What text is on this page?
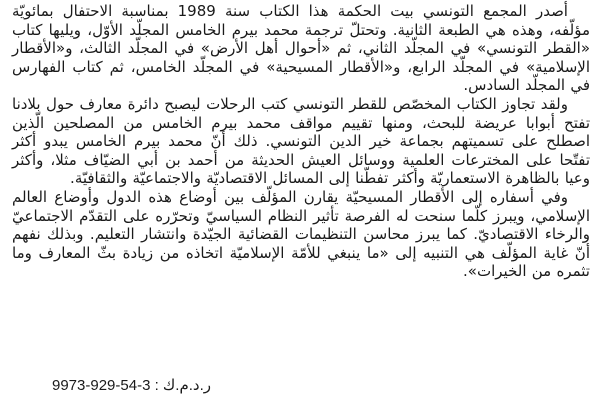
أصدر المجمع التونسي بيت الحكمة هذا الكتاب سنة 1989 بمناسبة الاحتفال بمائويّة مؤلّفه، وهذه هي الطبعة الثانية. وتحتلّ ترجمة محمد بيرم الخامس المجلّد الأوّل، ويليها كتاب «القطر التونسي» في المجلّد الثاني، ثم «أحوال أهل الأرض» في المجلّد الثالث، و«الأقطار الإسلامية» في المجلّد الرابع، و«الأقطار المسيحية» في المجلّد الخامس، ثم كتاب الفهارس في المجلّد السادس.

ولقد تجاوز الكتاب المخصّص للقطر التونسي كتب الرحلات ليصبح دائرة معارف حول بلادنا تفتح أبوابا عريضة للبحث، ومنها تقييم مواقف محمد بيرم الخامس من المصلحين الّذين اصطلح على تسميتهم بجماعة خير الدين التونسي. ذلك أنّ محمد بيرم الخامس يبدو أكثر تفتّحا على المخترعات العلمية ووسائل العيش الحديثة من أحمد بن أبي الضيّاف مثلا، وأكثر وعيا بالظاهرة الاستعماريّة وأكثر تفطّنا إلى المسائل الاقتصاديّة والاجتماعيّة والثقافيّة.

وفي أسفاره إلى الأقطار المسيحيّة يقارن المؤلّف بين أوضاع هذه الدول وأوضاع العالم الإسلامي، ويبرز كلّما سنحت له الفرصة تأثير النظام السياسيّ وتحرّره على التقدّم الاجتماعيّ والرخاء الاقتصاديّ. كما يبرز محاسن التنظيمات القضائية الجيّدة وانتشار التعليم. وبذلك نفهم أنّ غاية المؤلّف هي التنبيه إلى «ما ينبغي للأمّة الإسلاميّة اتخاذه من زيادة بثّ المعارف وما تثمره من الخيرات».

9973-929-54-3 ر.د.م.ك :
